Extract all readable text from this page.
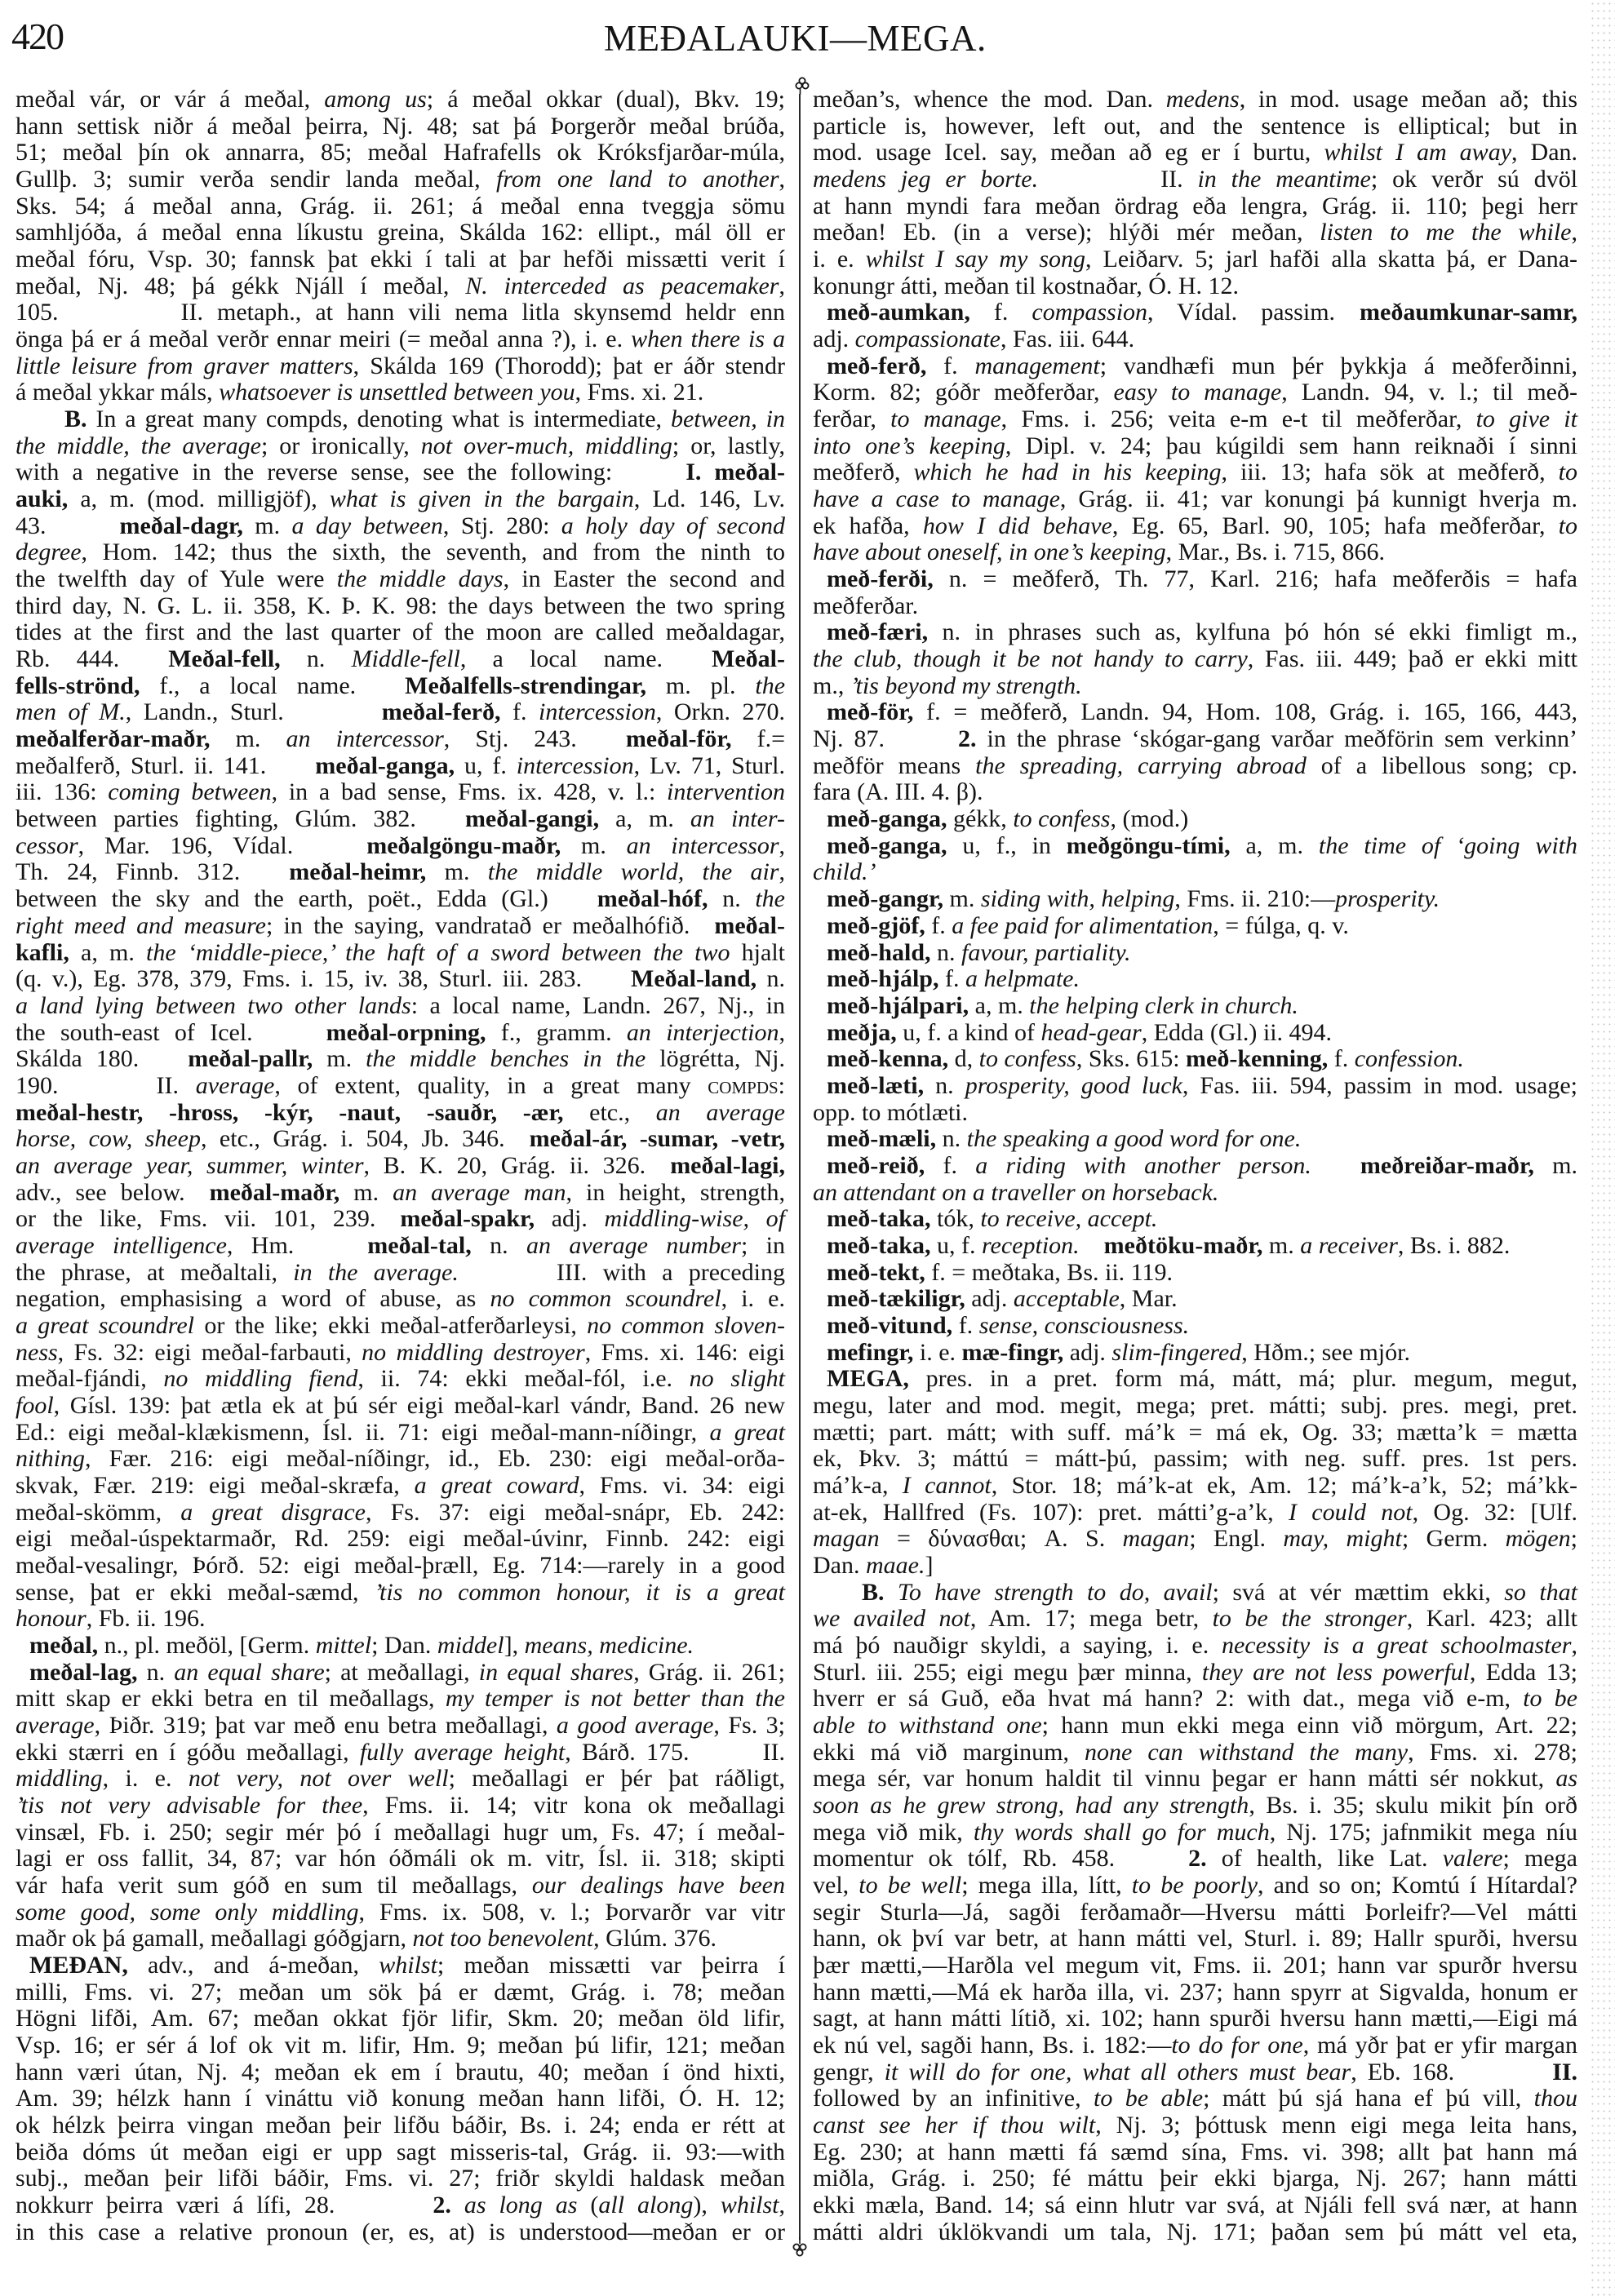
420	MEÐALAUKI—MEGA.
meðal vár, or vár á meðal, among us; á meðal okkar (dual), Bkv. 19;
hann settisk niðr á meðal þeirra, Nj. 48; sat þá Þorgerðr meðal brúða,
51; meðal þín ok annarra, 85; meðal Hafrafells ok Króksfjarðar-múla,
Gullþ. 3; sumir verða sendir landa meðal, from one land to another,
Sks. 54; á meðal anna, Grág. ii. 261; á meðal enna tveggja sömu
samhljóða, á meðal enna líkustu greina, Skálda 162: ellipt., mál öll er
meðal fóru, Vsp. 30; fannsk þat ekki í tali at þar hefði missætti verit í
meðal, Nj. 48; þá gékk Njáll í meðal, N. interceded as peacemaker,
105.     II. metaph., at hann vili nema litla skynsemd heldr enn
önga þá er á meðal verðr ennar meiri (= meðal anna ?), i. e. when there is a
little leisure from graver matters, Skálda 169 (Thorodd); þat er áðr stendr
á meðal ykkar máls, whatsoever is unsettled between you, Fms. xi. 21.
B. In a great many compds, denoting what is intermediate, between, in
the middle, the average; or ironically, not over-much, middling; or, lastly,
with a negative in the reverse sense, see the following:   I. meðal-
auki, a, m. (mod. milligjöf), what is given in the bargain, Ld. 146, Lv.
43.   meðal-dagr, m. a day between, Stj. 280: a holy day of second
degree, Hom. 142; thus the sixth, the seventh, and from the ninth to
the twelfth day of Yule were the middle days, in Easter the second and
third day, N. G. L. ii. 358, K. Þ. K. 98: the days between the two spring
tides at the first and the last quarter of the moon are called meðaldagar,
Rb. 444.  Meðal-fell, n. Middle-fell, a local name.  Meðal-
fells-strönd, f., a local name.  Meðalfells-strendingar, m. pl. the
men of M., Landn., Sturl.    meðal-ferð, f. intercession, Orkn. 270.
meðalferðar-maðr, m. an intercessor, Stj. 243.  meðal-för, f.=
meðalferð, Sturl. ii. 141.  meðal-ganga, u, f. intercession, Lv. 71, Sturl.
iii. 136: coming between, in a bad sense, Fms. ix. 428, v. l.: intervention
between parties fighting, Glúm. 382.  meðal-gangi, a, m. an inter-
cessor, Mar. 196, Vídal.   meðalgöngu-maðr, m. an intercessor,
Th. 24, Finnb. 312.  meðal-heimr, m. the middle world, the air,
between the sky and the earth, poët., Edda (Gl.)  meðal-hóf, n. the
right meed and measure; in the saying, vandratað er meðalhófið. meðal-
kafli, a, m. the ‘middle-piece,’ the haft of a sword between the two hjalt
(q. v.), Eg. 378, 379, Fms. i. 15, iv. 38, Sturl. iii. 283.  Meðal-land, n.
a land lying between two other lands: a local name, Landn. 267, Nj., in
the south-east of Icel.   meðal-orpning, f., gramm. an interjection,
Skálda 180.  meðal-pallr, m. the middle benches in the lögrétta, Nj.
190.    II. average, of extent, quality, in a great many compds:
meðal-hestr, -hross, -kýr, -naut, -sauðr, -ær, etc., an average
horse, cow, sheep, etc., Grág. i. 504, Jb. 346. meðal-ár, -sumar, -vetr,
an average year, summer, winter, B. K. 20, Grág. ii. 326. meðal-lagi,
adv., see below. meðal-maðr, m. an average man, in height, strength,
or the like, Fms. vii. 101, 239. meðal-spakr, adj. middling-wise, of
average intelligence, Hm.   meðal-tal, n. an average number; in
the phrase, at meðaltali, in the average.    	III. with a preceding
negation, emphasising a word of abuse, as no common scoundrel, i. e.
a great scoundrel or the like; ekki meðal-atferðarleysi, no common sloven-
ness, Fs. 32: eigi meðal-farbauti, no middling destroyer, Fms. xi. 146: eigi
meðal-fjándi, no middling fiend, ii. 74: ekki meðal-fól, i.e. no slight
fool, Gísl. 139: þat ætla ek at þú sér eigi meðal-karl vándr, Band. 26 new
Ed.: eigi meðal-klækismenn, Ísl. ii. 71: eigi meðal-mann-níðingr, a great
nithing, Fær. 216: eigi meðal-níðingr, id., Eb. 230: eigi meðal-orða-
skvak, Fær. 219: eigi meðal-skræfa, a great coward, Fms. vi. 34: eigi
meðal-skömm, a great disgrace, Fs. 37: eigi meðal-snápr, Eb. 242:
eigi meðal-úspektarmaðr, Rd. 259: eigi meðal-úvinr, Finnb. 242: eigi
meðal-vesalingr, Þórð. 52: eigi meðal-þræll, Eg. 714:—rarely in a good
sense, þat er ekki meðal-sæmd, ’tis no common honour, it is a great
honour, Fb. ii. 196.
meðal, n., pl. meðöl, [Germ. mittel; Dan. middel], means, medicine.
meðal-lag, n. an equal share; at meðallagi, in equal shares, Grág. ii. 261;
mitt skap er ekki betra en til meðallags, my temper is not better than the
average, Þiðr. 319; þat var með enu betra meðallagi, a good average, Fs. 3;
ekki stærri en í góðu meðallagi, fully average height, Bárð. 175.   II.
middling, i. e. not very, not over well; meðallagi er þér þat ráðligt,
’tis not very advisable for thee, Fms. ii. 14; vitr kona ok meðallagi
vinsæl, Fb. i. 250; segir mér þó í meðallagi hugr um, Fs. 47; í meðal-
lagi er oss fallit, 34, 87; var hón óðmáli ok m. vitr, Ísl. ii. 318; skipti
vár hafa verit sum góð en sum til meðallags, our dealings have been
some good, some only middling, Fms. ix. 508, v. l.; Þorvarðr var vitr
maðr ok þá gamall, meðallagi góðgjarn, not too benevolent, Glúm. 376.
MEÐAN, adv., and á-meðan, whilst; meðan missætti var þeirra í
milli, Fms. vi. 27; meðan um sök þá er dæmt, Grág. i. 78; meðan
Högni lifði, Am. 67; meðan okkat fjör lifir, Skm. 20; meðan öld lifir,
Vsp. 16; er sér á lof ok vit m. lifir, Hm. 9; meðan þú lifir, 121; meðan
hann væri útan, Nj. 4; meðan ek em í brautu, 40; meðan í önd hixti,
Am. 39; hélzk hann í vináttu við konung meðan hann lifði, Ó. H. 12;
ok hélzk þeirra vingan meðan þeir lifðu báðir, Bs. i. 24; enda er rétt at
beiða dóms út meðan eigi er upp sagt misseris-tal, Grág. ii. 93:—with
subj., meðan þeir lifði báðir, Fms. vi. 27; friðr skyldi haldask meðan
nokkurr þeirra væri á lífi, 28.    2. as long as (all along), whilst,
in this case a relative pronoun (er, es, at) is understood—meðan er or
meðan’s, whence the mod. Dan. medens, in mod. usage meðan að; this
particle is, however, left out, and the sentence is elliptical; but in
mod. usage Icel. say, meðan að eg er í burtu, whilst I am away, Dan.
medens jeg er borte.     	II. in the meantime; ok verðr sú dvöl
at hann myndi fara meðan ördrag eða lengra, Grág. ii. 110; þegi herr
meðan! Eb. (in a verse); hlýði mér meðan, listen to me the while,
i. e. whilst I say my song, Leiðarv. 5; jarl hafði alla skatta þá, er Dana-
konungr átti, meðan til kostnaðar, Ó. H. 12.
með-aumkan, f. compassion, Vídal. passim. meðaumkunar-samr,
adj. compassionate, Fas. iii. 644.
með-ferð, f. management; vandhæfi mun þér þykkja á meðferðinni,
Korm. 82; góðr meðferðar, easy to manage, Landn. 94, v. l.; til með-
ferðar, to manage, Fms. i. 256; veita e-m e-t til meðferðar, to give it
into one’s keeping, Dipl. v. 24; þau kúgildi sem hann reiknaði í sinni
meðferð, which he had in his keeping, iii. 13; hafa sök at meðferð, to
have a case to manage, Grág. ii. 41; var konungi þá kunnigt hverja m.
ek hafða, how I did behave, Eg. 65, Barl. 90, 105; hafa meðferðar, to
have about oneself, in one’s keeping, Mar., Bs. i. 715, 866.
með-ferði, n. = meðferð, Th. 77, Karl. 216; hafa meðferðis = hafa
meðferðar.
með-færi, n. in phrases such as, kylfuna þó hón sé ekki fimligt m.,
the club, though it be not handy to carry, Fas. iii. 449; það er ekki mitt
m., ’tis beyond my strength.
með-för, f. = meðferð, Landn. 94, Hom. 108, Grág. i. 165, 166, 443,
Nj. 87.   2. in the phrase ‘skógar-gang varðar meðförin sem verkinn’
meðför means the spreading, carrying abroad of a libellous song; cp.
fara (A. III. 4. β).
með-ganga, gékk, to confess, (mod.)
með-ganga, u, f., in meðgöngu-tími, a, m. the time of ‘going with
child.’
með-gangr, m. siding with, helping, Fms. ii. 210:—prosperity.
með-gjöf, f. a fee paid for alimentation, = fúlga, q. v.
með-hald, n. favour, partiality.
með-hjálp, f. a helpmate.
með-hjálpari, a, m. the helping clerk in church.
meðja, u, f. a kind of head-gear, Edda (Gl.) ii. 494.
með-kenna, d, to confess, Sks. 615: með-kenning, f. confession.
með-læti, n. prosperity, good luck, Fas. iii. 594, passim in mod. usage;
opp. to mótlæti.
með-mæli, n. the speaking a good word for one.
með-reið, f. a riding with another person.   meðreiðar-maðr, m.
an attendant on a traveller on horseback.
með-taka, tók, to receive, accept.
með-taka, u, f. reception.  meðtöku-maðr, m. a receiver, Bs. i. 882.
með-tekt, f. = meðtaka, Bs. ii. 119.
með-tækiligr, adj. acceptable, Mar.
með-vitund, f. sense, consciousness.
mefingr, i. e. mæ-fingr, adj. slim-fingered, Hðm.; see mjór.
MEGA, pres. in a pret. form má, mátt, má; plur. megum, megut,
megu, later and mod. megit, mega; pret. mátti; subj. pres. megi, pret.
mætti; part. mátt; with suff. má’k = má ek, Og. 33; mætta’k = mætta
ek, Þkv. 3; máttú = mátt-þú, passim; with neg. suff. pres. 1st pers.
má’k-a, I cannot, Stor. 18; má’k-at ek, Am. 12; má’k-a’k, 52; má’kk-
at-ek, Hallfred (Fs. 107): pret. mátti’g-a’k, I could not, Og. 32: [Ulf.
magan = δύνασθαι; A. S. magan; Engl. may, might; Germ. mögen;
Dan. maae.]
B. To have strength to do, avail; svá at vér mættim ekki, so that
we availed not, Am. 17; mega betr, to be the stronger, Karl. 423; allt
má þó nauðigr skyldi, a saying, i. e. necessity is a great schoolmaster,
Sturl. iii. 255; eigi megu þær minna, they are not less powerful, Edda 13;
hverr er sá Guð, eða hvat má hann? 2: with dat., mega við e-m, to be
able to withstand one; hann mun ekki mega einn við mörgum, Art. 22;
ekki má við marginum, none can withstand the many, Fms. xi. 278;
mega sér, var honum haldit til vinnu þegar er hann mátti sér nokkut, as
soon as he grew strong, had any strength, Bs. i. 35; skulu mikit þín orð
mega við mik, thy words shall go for much, Nj. 175; jafnmikit mega níu
momentur ok tólf, Rb. 458.   2. of health, like Lat. valere; mega
vel, to be well; mega illa, lítt, to be poorly, and so on; Komtú í Hítardal?
segir Sturla—Já, sagði ferðamaðr—Hversu mátti Þorleifr?—Vel mátti
hann, ok því var betr, at hann mátti vel, Sturl. i. 89; Hallr spurði, hversu
þær mætti,—Harðla vel megum vit, Fms. ii. 201; hann var spurðr hversu
hann mætti,—Má ek harða illa, vi. 237; hann spyrr at Sigvalda, honum er
sagt, at hann mátti lítið, xi. 102; hann spurði hversu hann mætti,—Eigi má
ek nú vel, sagði hann, Bs. i. 182:—to do for one, má yðr þat er yfir margan
gengr, it will do for one, what all others must bear, Eb. 168.    II.
followed by an infinitive, to be able; mátt þú sjá hana ef þú vill, thou
canst see her if thou wilt, Nj. 3; þóttusk menn eigi mega leita hans,
Eg. 230; at hann mætti fá sæmd sína, Fms. vi. 398; allt þat hann má
miðla, Grág. i. 250; fé máttu þeir ekki bjarga, Nj. 267; hann mátti
ekki mæla, Band. 14; sá einn hlutr var svá, at Njáli fell svá nær, at hann
mátti aldri úklökvandi um tala, Nj. 171; þaðan sem þú mátt vel eta,
